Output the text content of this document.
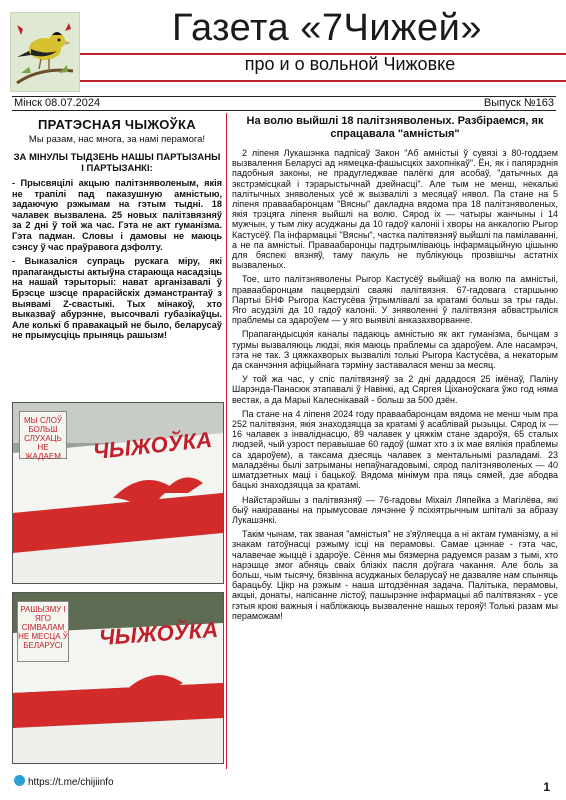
Газета «7Чижей»
про и о вольной Чижовке
Мінск 08.07.2024	Выпуск №163
ПРАТЭСНАЯ ЧЫЖОЎКА
Мы разам, нас многа, за намі перамога!
ЗА МІНУЛЫ ТЫДЗЕНЬ НАШЫ ПАРТЫЗАНЫ І ПАРТЫЗАНКІ:

- Прысвяцілі акцыю палітзняволеным, якія не трапілі пад паказушную амністыю, задаючую рэжымам на гэтым тыдні. 18 чалавек вызвалена. 25 новых палітзвязняў за 2 дні ў той жа час. Гэта не акт гуманізма. Гэта падман. Словы і дамовы не маюць сэнсу ў час праўравога дэфолту.

- Выказаліся супраць рускага міру, які прапагандысты актыўна старающа насадзіць на нашай тэрыторыі: нават арганізавалі ў Брэсце шэсце прарасійскіх дэманстрантаў з выявамі Z-свастыкі. Тых мінакоў, хто выказваў абурэнне, высочвалі губазікаўцы. Але колькі б правакацый не было, беларусаў не прымусціць прыняць рашызм!

МЫ СЛОЎ БОЛЬШ СЛУХАЦЬ НЕ ЖАДАЕМ ЧЫЖОЎКА
РАШЫЗМУ І ЯГО СІМВАЛАМ НЕ МЕСЦА Ў БЕЛАРУСІ ЧЫЖОЎКА
На волю выйшлі 18 палітзняволеных. Разбіраемся, як спрацавала "амністыя"

2 ліпеня Лукашэнка падпісаў Закон "Аб амністыі ў сувязі з 80-годдзем вызвалення Беларусі ад нямецка-фашысцкіх захопнікаў". Ён, як і папярэднія падобныя законы, не прадугледжвае палёгкі для асобаў, "датычных да экстрэмісцкай і тэрарыстычнай дзейнасці". Але тым не менш, некалькі палітычных зняволеных усё ж вызвалілі з месяцаў нявол. Па стане на 5 ліпеня праваабаронцам "Вясны" дакладна вядома пра 18 палітзняволеных, якія трэцяга ліпеня выйшлі на волю. Сярод іх — чатыры жанчыны і 14 мужчын, у тым ліку асуджаны да 10 гадоў калоніі і хворы на анкалогію Рыгор Кастусёў. Па інфармацыі "Вясны", частка палітвязняў выйшлі па памілаванні, а не па амністыі. Праваабаронцы падтрымліваюць інфармацыйную цішыню для бяспекі вязняў, таму пакуль не публікуюць прозвішчы астатніх вызваленых.

Тое, што палітзняволены Рыгор Кастусёў выйшаў на волю па амністыі, праваабаронцам пацвердзілі сваякі палітвязня. 67-гадовага старшыню Партыі БНФ Рыгора Кастусёва ўтрымлівалі за кратамі больш за тры гады. Яго асудзілі да 10 гадоў калоніі. У зняволенні ў палітвязня абвастрыліся праблемы са здароўем — у яго выявілі анказахворванне.

Прапагандысцкія каналы падаюць амністыю як акт гуманізма, бычцам з турмы вызваляюць людзі, якія маюць праблемы са здароўем. Але насамрэч, гэта не так. З цяжкахворых вызвалілі толькі Рыгора Кастусёва, а некаторым да сканчэння афіцыйнага тэрміну заставалася менш за месяц.

У той жа час, у спіс палітвязняў за 2 дні дададося 25 імёнаў, Паліну Шарэнда-Панасюк этапавалі ў Навінкі, ад Сяргея Ціханоўскага ўжо год няма вестак, а да Марыі Калеснікавай - больш за 500 дзён.

Па стане на 4 ліпеня 2024 году праваабаронцам вядома не менш чым пра 252 палітвязня, якія знаходзяцца за кратамі ў асаблівай рызыцы. Сярод іх — 16 чалавек з інваліднасцю, 89 чалавек у цяжкім стане здароўя, 65 сталых людзей, чый узрост перавышае 60 гадоў (шмат хто з іх мае вялікія праблемы са здароўем), а таксама дзесяць чалавек з ментальнымі разладамі. 23 маладзёны былі затрыманы непаўнагадовымі, сярод палітзняволеных — 40 шматдзетных маці і бацькоў. Вядома мінімум пра пяць сямей, дзе абодва бацькі знаходзяцца за кратамі.

Найстарэйшы з палітвязняў — 76-гадовы Міхаіл Ляпейка з Магілёва, які быў накіраваны на прымусовае лячэнне ў псіхіятрычным шпіталі за абразу Лукашэнкі.

Такім чынам, так званая "амністыя" не з'яўляецца а ні актам гуманізму, а ні знакам гатоўнасці рэжыму ісці на перамовы. Самае цэннае - гэта час, чалавечае жыццё і здароўе. Сёння мы бязмерна радуемся разам з тымі, хто нарэшце змог абняць сваіх блізкіх пасля доўгага чакання. Але боль за больш, чым тысячу, бязвінна асуджаных беларусаў не дазваляе нам спыняць барацьбу. Цікр на рэжым - наша штодзённая задача. Палітыка, перамовы, акцыі, донаты, напісанне лістоў, пашырэнне інфармацыі аб палітвязнях - усе гэтыя крокі важныя і набліжаюць вызваленне нашых герояў! Толькі разам мы пераможам!

https://t.me/chijiinfo	1
